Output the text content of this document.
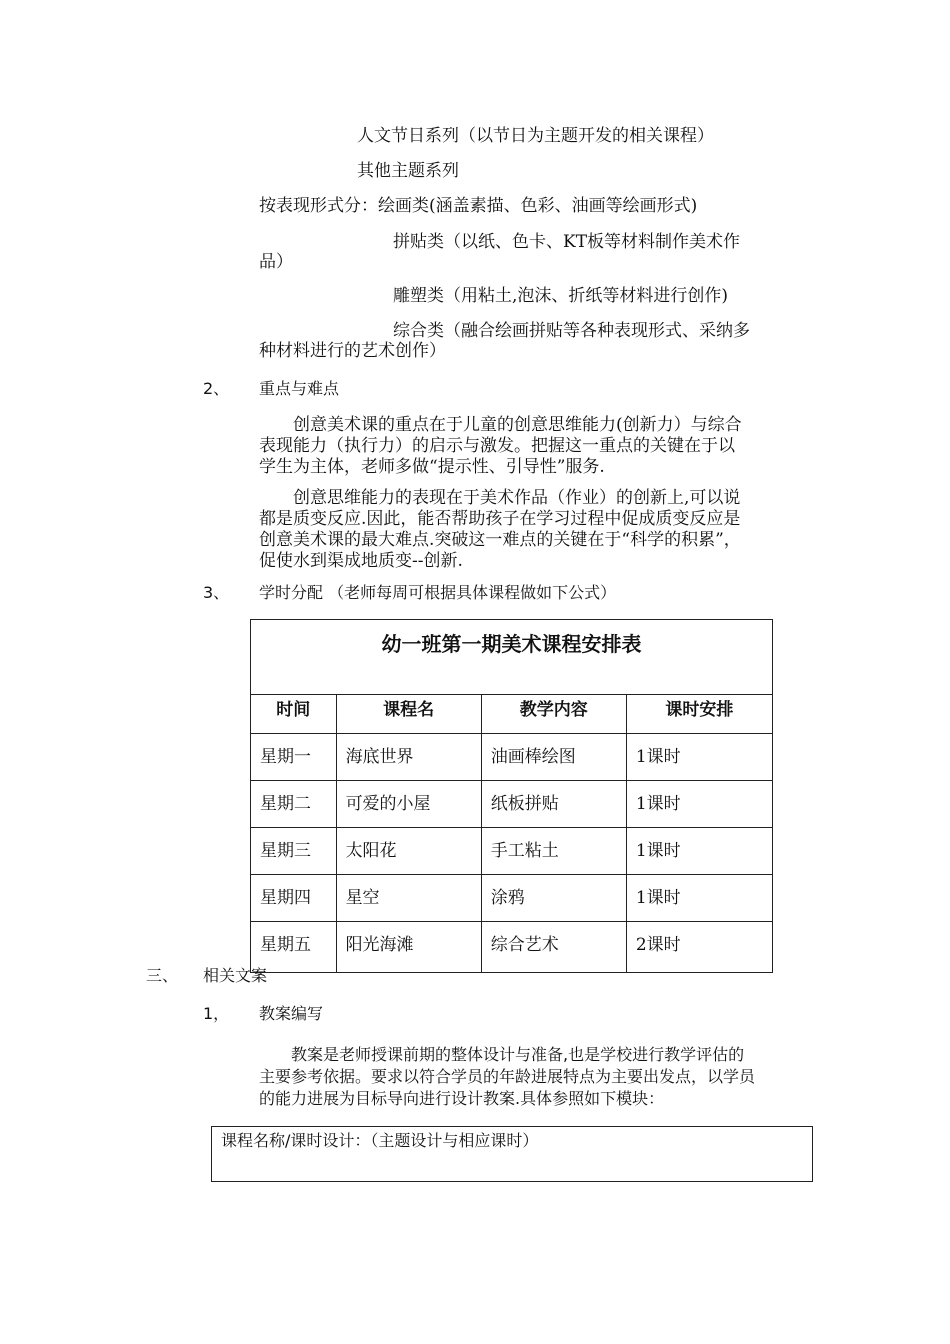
人文节日系列（以节日为主题开发的相关课程）
其他主题系列
按表现形式分：绘画类(涵盖素描、色彩、油画等绘画形式)
拼贴类（以纸、色卡、KT板等材料制作美术作
品）
雕塑类（用粘土,泡沫、折纸等材料进行创作)
综合类（融合绘画拼贴等各种表现形式、采纳多
种材料进行的艺术创作）
2、 重点与难点
　　创意美术课的重点在于儿童的创意思维能力(创新力）与综合
表现能力（执行力）的启示与激发。把握这一重点的关键在于以
学生为主体，老师多做“提示性、引导性”服务.
　　创意思维能力的表现在于美术作品（作业）的创新上,可以说
都是质变反应.因此，能否帮助孩子在学习过程中促成质变反应是
创意美术课的最大难点.突破这一难点的关键在于“科学的积累”，
促使水到渠成地质变--创新.
3、 学时分配 （老师每周可根据具体课程做如下公式）
幼一班第一期美术课程安排表			
时间	课程名	教学内容	课时安排
星期一	海底世界	油画棒绘图	1课时
星期二	可爱的小屋	纸板拼贴	1课时
星期三	太阳花	手工粘土	1课时
星期四	星空	涂鸦	1课时
星期五	阳光海滩	综合艺术	2课时
三、 相关文案
1， 教案编写
　　教案是老师授课前期的整体设计与准备,也是学校进行教学评估的
主要参考依据。要求以符合学员的年龄进展特点为主要出发点，以学员
的能力进展为目标导向进行设计教案.具体参照如下模块：
课程名称/课时设计：（主题设计与相应课时）
